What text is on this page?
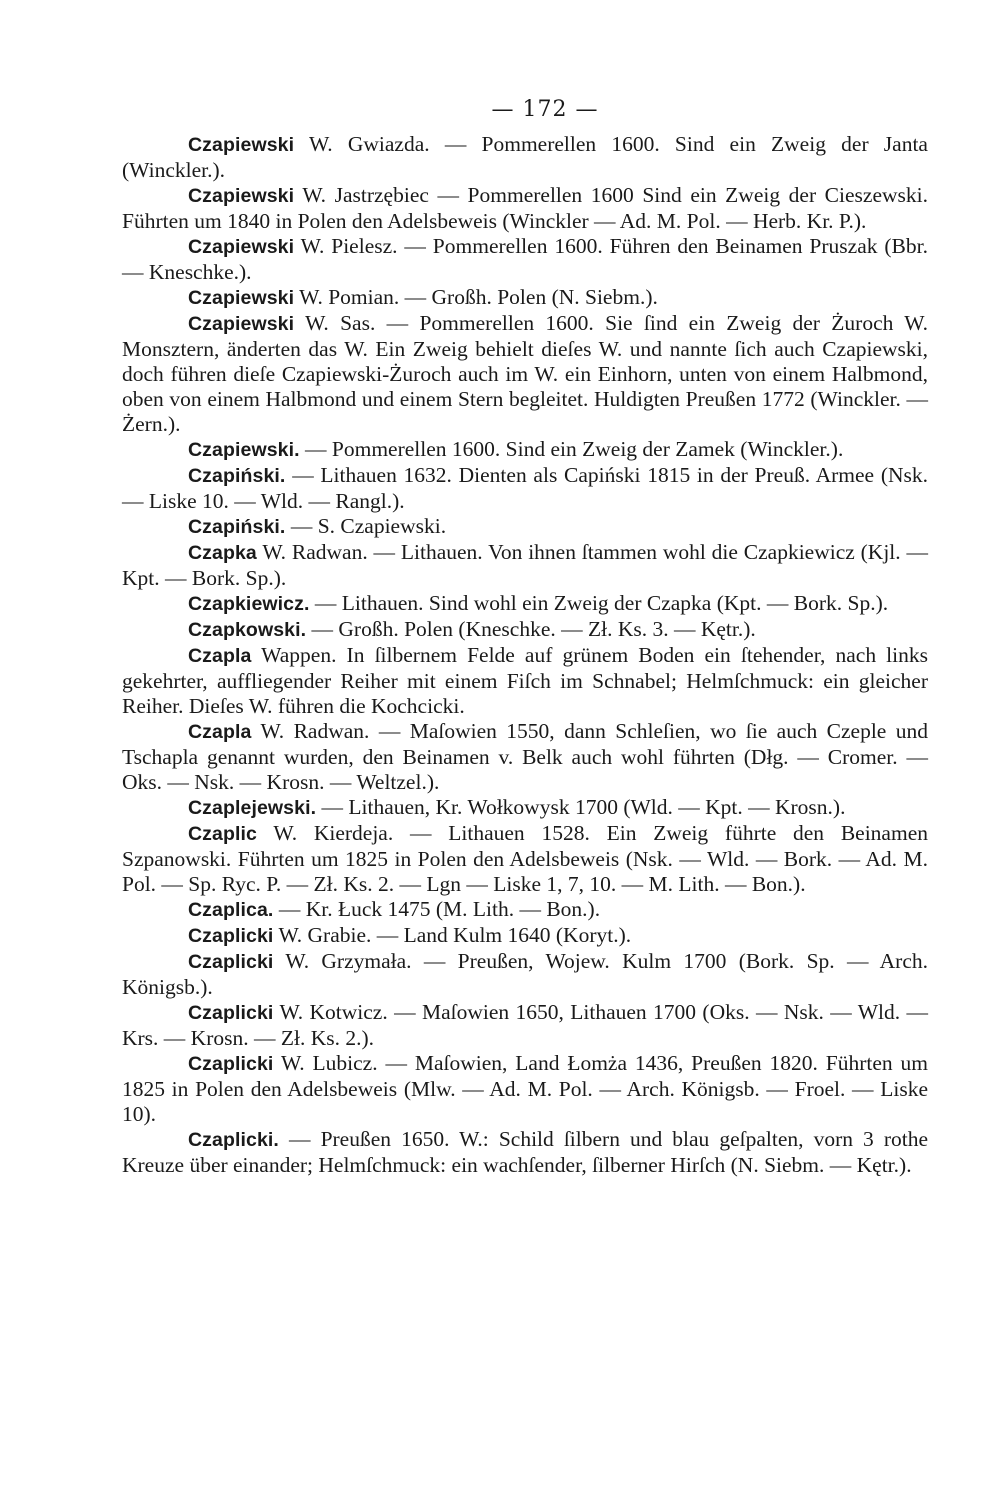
— 172 —

Czapiewski W. Gwiazda. — Pommerellen 1600. Sind ein Zweig der Janta (Winckler.).

Czapiewski W. Jastrzębiec — Pommerellen 1600 Sind ein Zweig der Cieszewski. Führten um 1840 in Polen den Adelsbeweis (Winckler — Ad. M. Pol. — Herb. Kr. P.).

Czapiewski W. Pielesz. — Pommerellen 1600. Führen den Beinamen Pruszak (Bbr. — Kneschke.).

Czapiewski W. Pomian. — Großh. Polen (N. Siebm.).

Czapiewski W. Sas. — Pommerellen 1600. Sie ſind ein Zweig der Żuroch W. Monsztern, änderten das W. Ein Zweig behielt dieſes W. und nannte ſich auch Czapiewski, doch führen dieſe Czapiewski-Żuroch auch im W. ein Einhorn, unten von einem Halbmond, oben von einem Halbmond und einem Stern begleitet. Huldigten Preußen 1772 (Winckler. — Żern.).

Czapiewski. — Pommerellen 1600. Sind ein Zweig der Zamek (Winckler.).

Czapiński. — Lithauen 1632. Dienten als Capiński 1815 in der Preuß. Armee (Nsk. — Liske 10. — Wld. — Rangl.).

Czapiński. — S. Czapiewski.

Czapka W. Radwan. — Lithauen. Von ihnen ſtammen wohl die Czapkiewicz (Kjl. — Kpt. — Bork. Sp.).

Czapkiewicz. — Lithauen. Sind wohl ein Zweig der Czapka (Kpt. — Bork. Sp.).

Czapkowski. — Großh. Polen (Kneschke. — Zł. Ks. 3. — Kętr.).

Czapla Wappen. In ſilbernem Felde auf grünem Boden ein ſtehender, nach links gekehrter, auffliegender Reiher mit einem Fiſch im Schnabel; Helmſchmuck: ein gleicher Reiher. Dieſes W. führen die Kochcicki.

Czapla W. Radwan. — Maſowien 1550, dann Schleſien, wo ſie auch Czeple und Tschapla genannt wurden, den Beinamen v. Belk auch wohl führten (Dłg. — Cromer. — Oks. — Nsk. — Krosn. — Weltzel.).

Czaplejewski. — Lithauen, Kr. Wołkowysk 1700 (Wld. — Kpt. — Krosn.).

Czaplic W. Kierdeja. — Lithauen 1528. Ein Zweig führte den Beinamen Szpanowski. Führten um 1825 in Polen den Adelsbeweis (Nsk. — Wld. — Bork. — Ad. M. Pol. — Sp. Ryc. P. — Zł. Ks. 2. — Lgn — Liske 1, 7, 10. — M. Lith. — Bon.).

Czaplica. — Kr. Łuck 1475 (M. Lith. — Bon.).

Czaplicki W. Grabie. — Land Kulm 1640 (Koryt.).

Czaplicki W. Grzymała. — Preußen, Wojew. Kulm 1700 (Bork. Sp. — Arch. Königsb.).

Czaplicki W. Kotwicz. — Maſowien 1650, Lithauen 1700 (Oks. — Nsk. — Wld. — Krs. — Krosn. — Zł. Ks. 2.).

Czaplicki W. Lubicz. — Maſowien, Land Łomża 1436, Preußen 1820. Führten um 1825 in Polen den Adelsbeweis (Mlw. — Ad. M. Pol. — Arch. Königsb. — Froel. — Liske 10).

Czaplicki. — Preußen 1650. W.: Schild ſilbern und blau geſpalten, vorn 3 rothe Kreuze über einander; Helmſchmuck: ein wachſender, ſilberner Hirſch (N. Siebm. — Kętr.).
